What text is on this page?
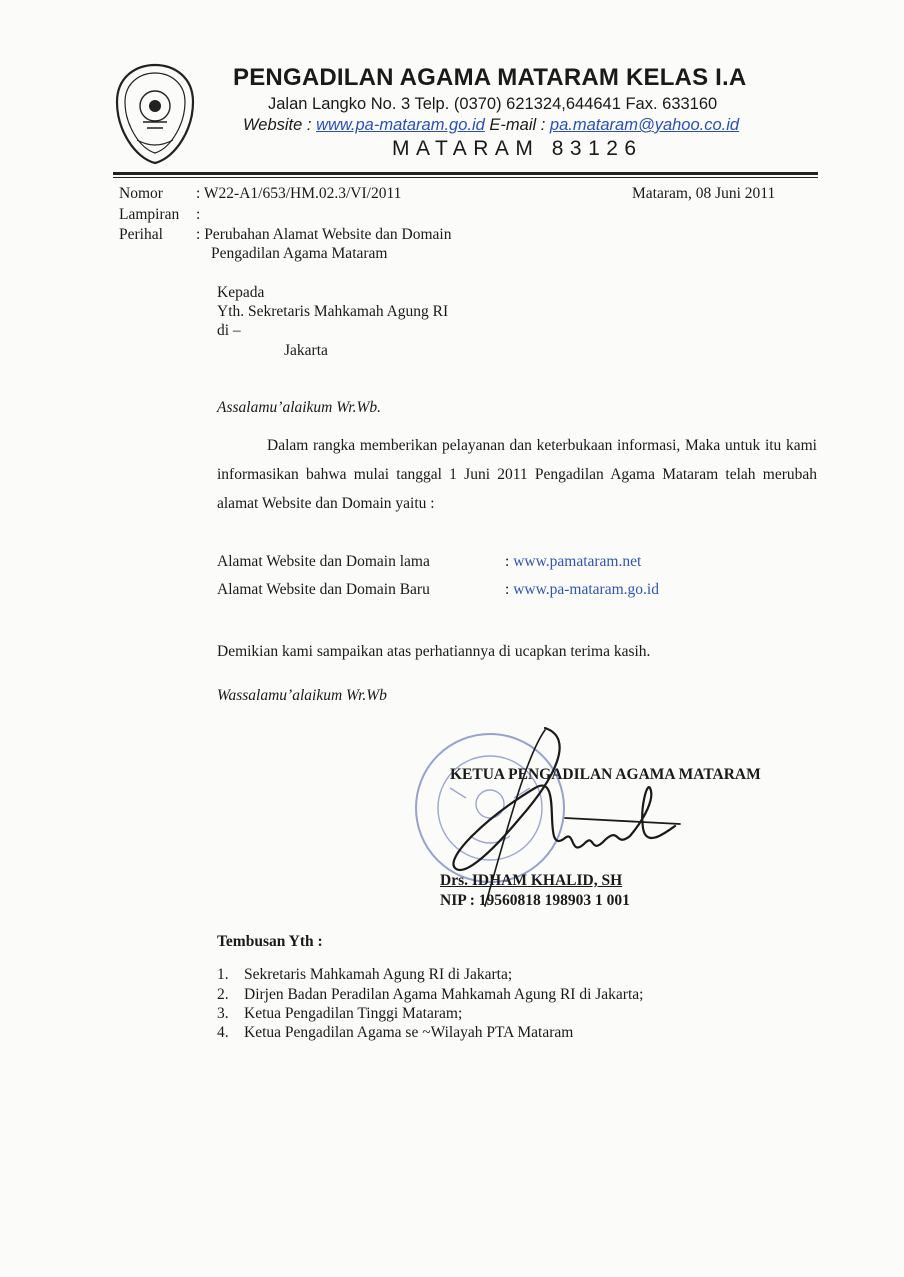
PENGADILAN AGAMA MATARAM KELAS I.A
Jalan Langko No. 3 Telp. (0370) 621324,644641 Fax. 633160
Website : www.pa-mataram.go.id E-mail : pa.mataram@yahoo.co.id
MATARAM 83126
Nomor : W22-A1/653/HM.02.3/VI/2011	Mataram, 08 Juni 2011
Lampiran :
Perihal : Perubahan Alamat Website dan Domain
Pengadilan Agama Mataram
Kepada
Yth. Sekretaris Mahkamah Agung RI
di –
Jakarta
Assalamu’alaikum Wr.Wb.
Dalam rangka memberikan pelayanan dan keterbukaan informasi, Maka untuk itu kami informasikan bahwa mulai tanggal 1 Juni 2011 Pengadilan Agama Mataram telah merubah alamat Website dan Domain yaitu :
Alamat Website dan Domain lama	: www.pamataram.net
Alamat Website dan Domain Baru	: www.pa-mataram.go.id
Demikian kami sampaikan atas perhatiannya di ucapkan terima kasih.
Wassalamu’alaikum Wr.Wb
KETUA PENGADILAN AGAMA MATARAM
Drs. IDHAM KHALID, SH
NIP : 19560818 198903 1 001
Tembusan Yth :
1. Sekretaris Mahkamah Agung RI di Jakarta;
2. Dirjen Badan Peradilan Agama Mahkamah Agung RI di Jakarta;
3. Ketua Pengadilan Tinggi Mataram;
4. Ketua Pengadilan Agama se ~Wilayah PTA Mataram
